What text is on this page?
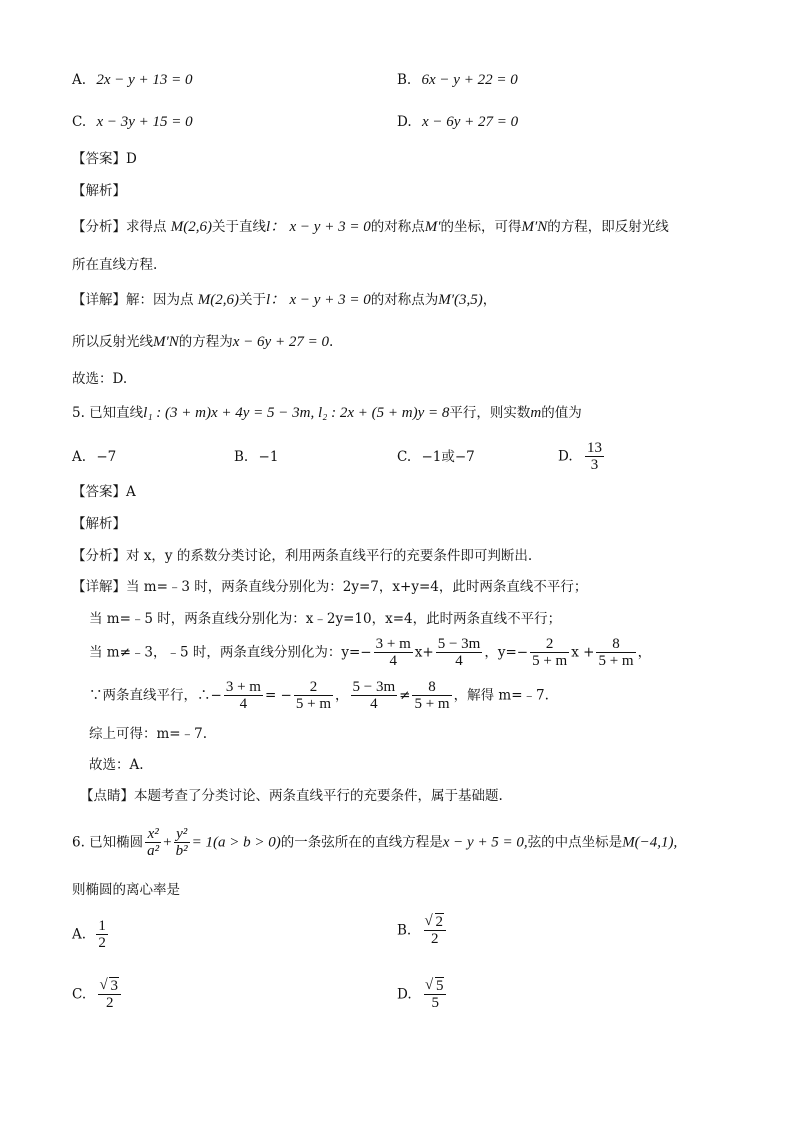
A. 2x − y + 13 = 0	B. 6x − y + 22 = 0
C. x − 3y + 15 = 0	D. x − 6y + 27 = 0
【答案】D
【解析】
【分析】求得点 M(2,6)关于直线l： x − y + 3 = 0的对称点M′的坐标，可得M′N的方程，即反射光线
所在直线方程.
【详解】解：因为点 M(2,6)关于l： x − y + 3 = 0的对称点为M′(3,5)，
所以反射光线M′N的方程为x − 6y + 27 = 0.
故选：D.
5. 已知直线l₁ : (3 + m)x + 4y = 5 − 3m, l₂ : 2x + (5 + m)y = 8平行，则实数m的值为
A. −7	B. −1	C. −1或−7	D. $\frac{13}{3}$
【答案】A
【解析】
【分析】对 x，y 的系数分类讨论，利用两条直线平行的充要条件即可判断出.
【详解】当 m=﹣3 时，两条直线分别化为：2y=7，x+y=4，此时两条直线不平行；
当 m=﹣5 时，两条直线分别化为：x﹣2y=10，x=4，此时两条直线不平行；
当 m≠﹣3，﹣5 时，两条直线分别化为：$y=- \frac{3 + m}{4} x+ \frac{5 - 3m}{4}$ ，$y=- \frac{2}{5 + m}$ $x + \frac{8}{5 + m}$ ，
∵两条直线平行，∴− $\frac{3 + m}{4}$ = − $\frac{2}{5 + m}$ ， $\frac{5 - 3m}{4} \ne \frac{8}{5 + m}$ ，解得 m=﹣7.
综上可得：m=﹣7.
故选：A.
【点睛】本题考查了分类讨论、两条直线平行的充要条件，属于基础题.
6. 已知椭圆 $\frac{\text{x²}}{\text{a²}} + \frac{\text{y²}}{\text{b²}} = 1(a > b > 0)$的一条弦所在的直线方程是x − y + 5 = 0,弦的中点坐标是M(−4,1),
则椭圆的离心率是
A. $\frac{1}{2}$	B. √ $\frac{2}{2}$
C. √ $\frac{3}{2}$	D. √ $\frac{5}{5}$
